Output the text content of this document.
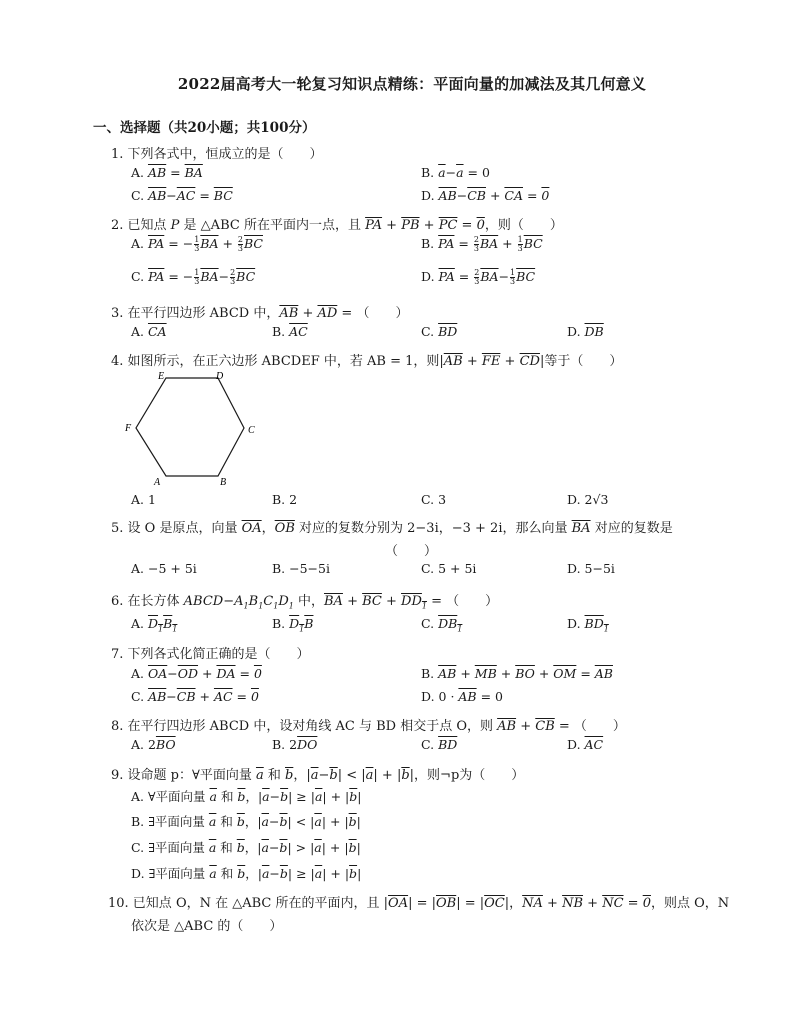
2022届高考大一轮复习知识点精练：平面向量的加减法及其几何意义
一、选择题（共20小题；共100分）
1. 下列各式中，恒成立的是（　　）
A. $\overline{AB} = \overline{BA}$	B. $\overline{a}-\overline{a} = 0$
C. $\overline{AB}-\overline{AC} = \overline{BC}$	D. $\overline{AB}-\overline{CB} + \overline{CA} = 0$
2. 已知点 P 是 △ABC 所在平面内一点，且 $\overline{PA} + \overline{PB} + \overline{PC} = 0$，则（　　）
A. $\overline{PA}$ = − $\frac{1}{3} \overline{BA} + \frac{2}{3} \overline{BC}$	B. $\overline{PA} = \frac{2}{3} \overline{BA} + \frac{1}{3} \overline{BC}$
C. $\overline{PA}$ = − $\frac{1}{3} \overline{BA}- \frac{2}{3} \overline{BC}$	D. $\overline{PA} = \frac{2}{3} \overline{BA}- \frac{1}{3} \overline{BC}$
3. 在平行四边形 ABCD 中，$\overline{AB} + \overline{AD}$ = （　　）
A. $\overline{CA}$	B. $\overline{AC}$	C. $\overline{BD}$	D. $\overline{DB}$
4. 如图所示，在正六边形 ABCDEF 中，若 AB = 1，则$|\overline{AB} + \overline{FE} + \overline{CD}|$等于（　　）
E	D
C
F
A	B
A. 1	B. 2	C. 3	D. 2√3
5. 设 O 是原点，向量 $\overline{OA}$，$\overline{OB}$ 对应的复数分别为 2−3i，−3 + 2i，那么向量 $\overline{BA}$ 对应的复数是
（　　）
A. −5 + 5i	B. −5−5i	C. 5 + 5i	D. 5−5i
6. 在长方体 $ABCD-A_1B_1C_1D_1$ 中，$\overline{BA} + \overline{BC} + DD_1$ = （　　）
A. $D_1B_1$	B. $D_1B$	C. $DB_1$	D. $BD_1$
7. 下列各式化简正确的是（　　）
A. $\overline{OA}-\overline{OD} + \overline{DA} = 0$	B. $\overline{AB} + \overline{MB} + \overline{BO} + \overline{OM} = \overline{AB}$
C. $\overline{AB}-\overline{CB} + \overline{AC} = 0$	D. $0 \cdot \overline{AB} = 0$
8. 在平行四边形 ABCD 中，设对角线 AC 与 BD 相交于点 O，则 $\overline{AB} + \overline{CB}$ = （　　）
A. $2\overline{BO}$	B. $2\overline{DO}$	C. $\overline{BD}$	D. $\overline{AC}$
9. 设命题 p：∀平面向量 $\overline{a}$ 和 $\overline{b}$，$|\overline{a}-\overline{b}| < |\overline{a}| + |\overline{b}|$，则¬p为（　　）
A. ∀平面向量 $\overline{a}$ 和 $\overline{b}$，$|\overline{a}-\overline{b}| \ge |\overline{a}| + |\overline{b}|$
B. ∃平面向量 $\overline{a}$ 和 $\overline{b}$，$|\overline{a}-\overline{b}| < |\overline{a}| + |\overline{b}|$
C. ∃平面向量 $\overline{a}$ 和 $\overline{b}$，$|\overline{a}-\overline{b}| > |\overline{a}| + |\overline{b}|$
D. ∃平面向量 $\overline{a}$ 和 $\overline{b}$，$|\overline{a}-\overline{b}| \ge |\overline{a}| + |\overline{b}|$
10. 已知点 O，N 在 △ABC 所在的平面内，且 $|\overline{OA}| = |\overline{OB}| = |\overline{OC}|$，$\overline{NA} + \overline{NB} + \overline{NC} = 0$，则点 O，N
依次是 △ABC 的（　　）
